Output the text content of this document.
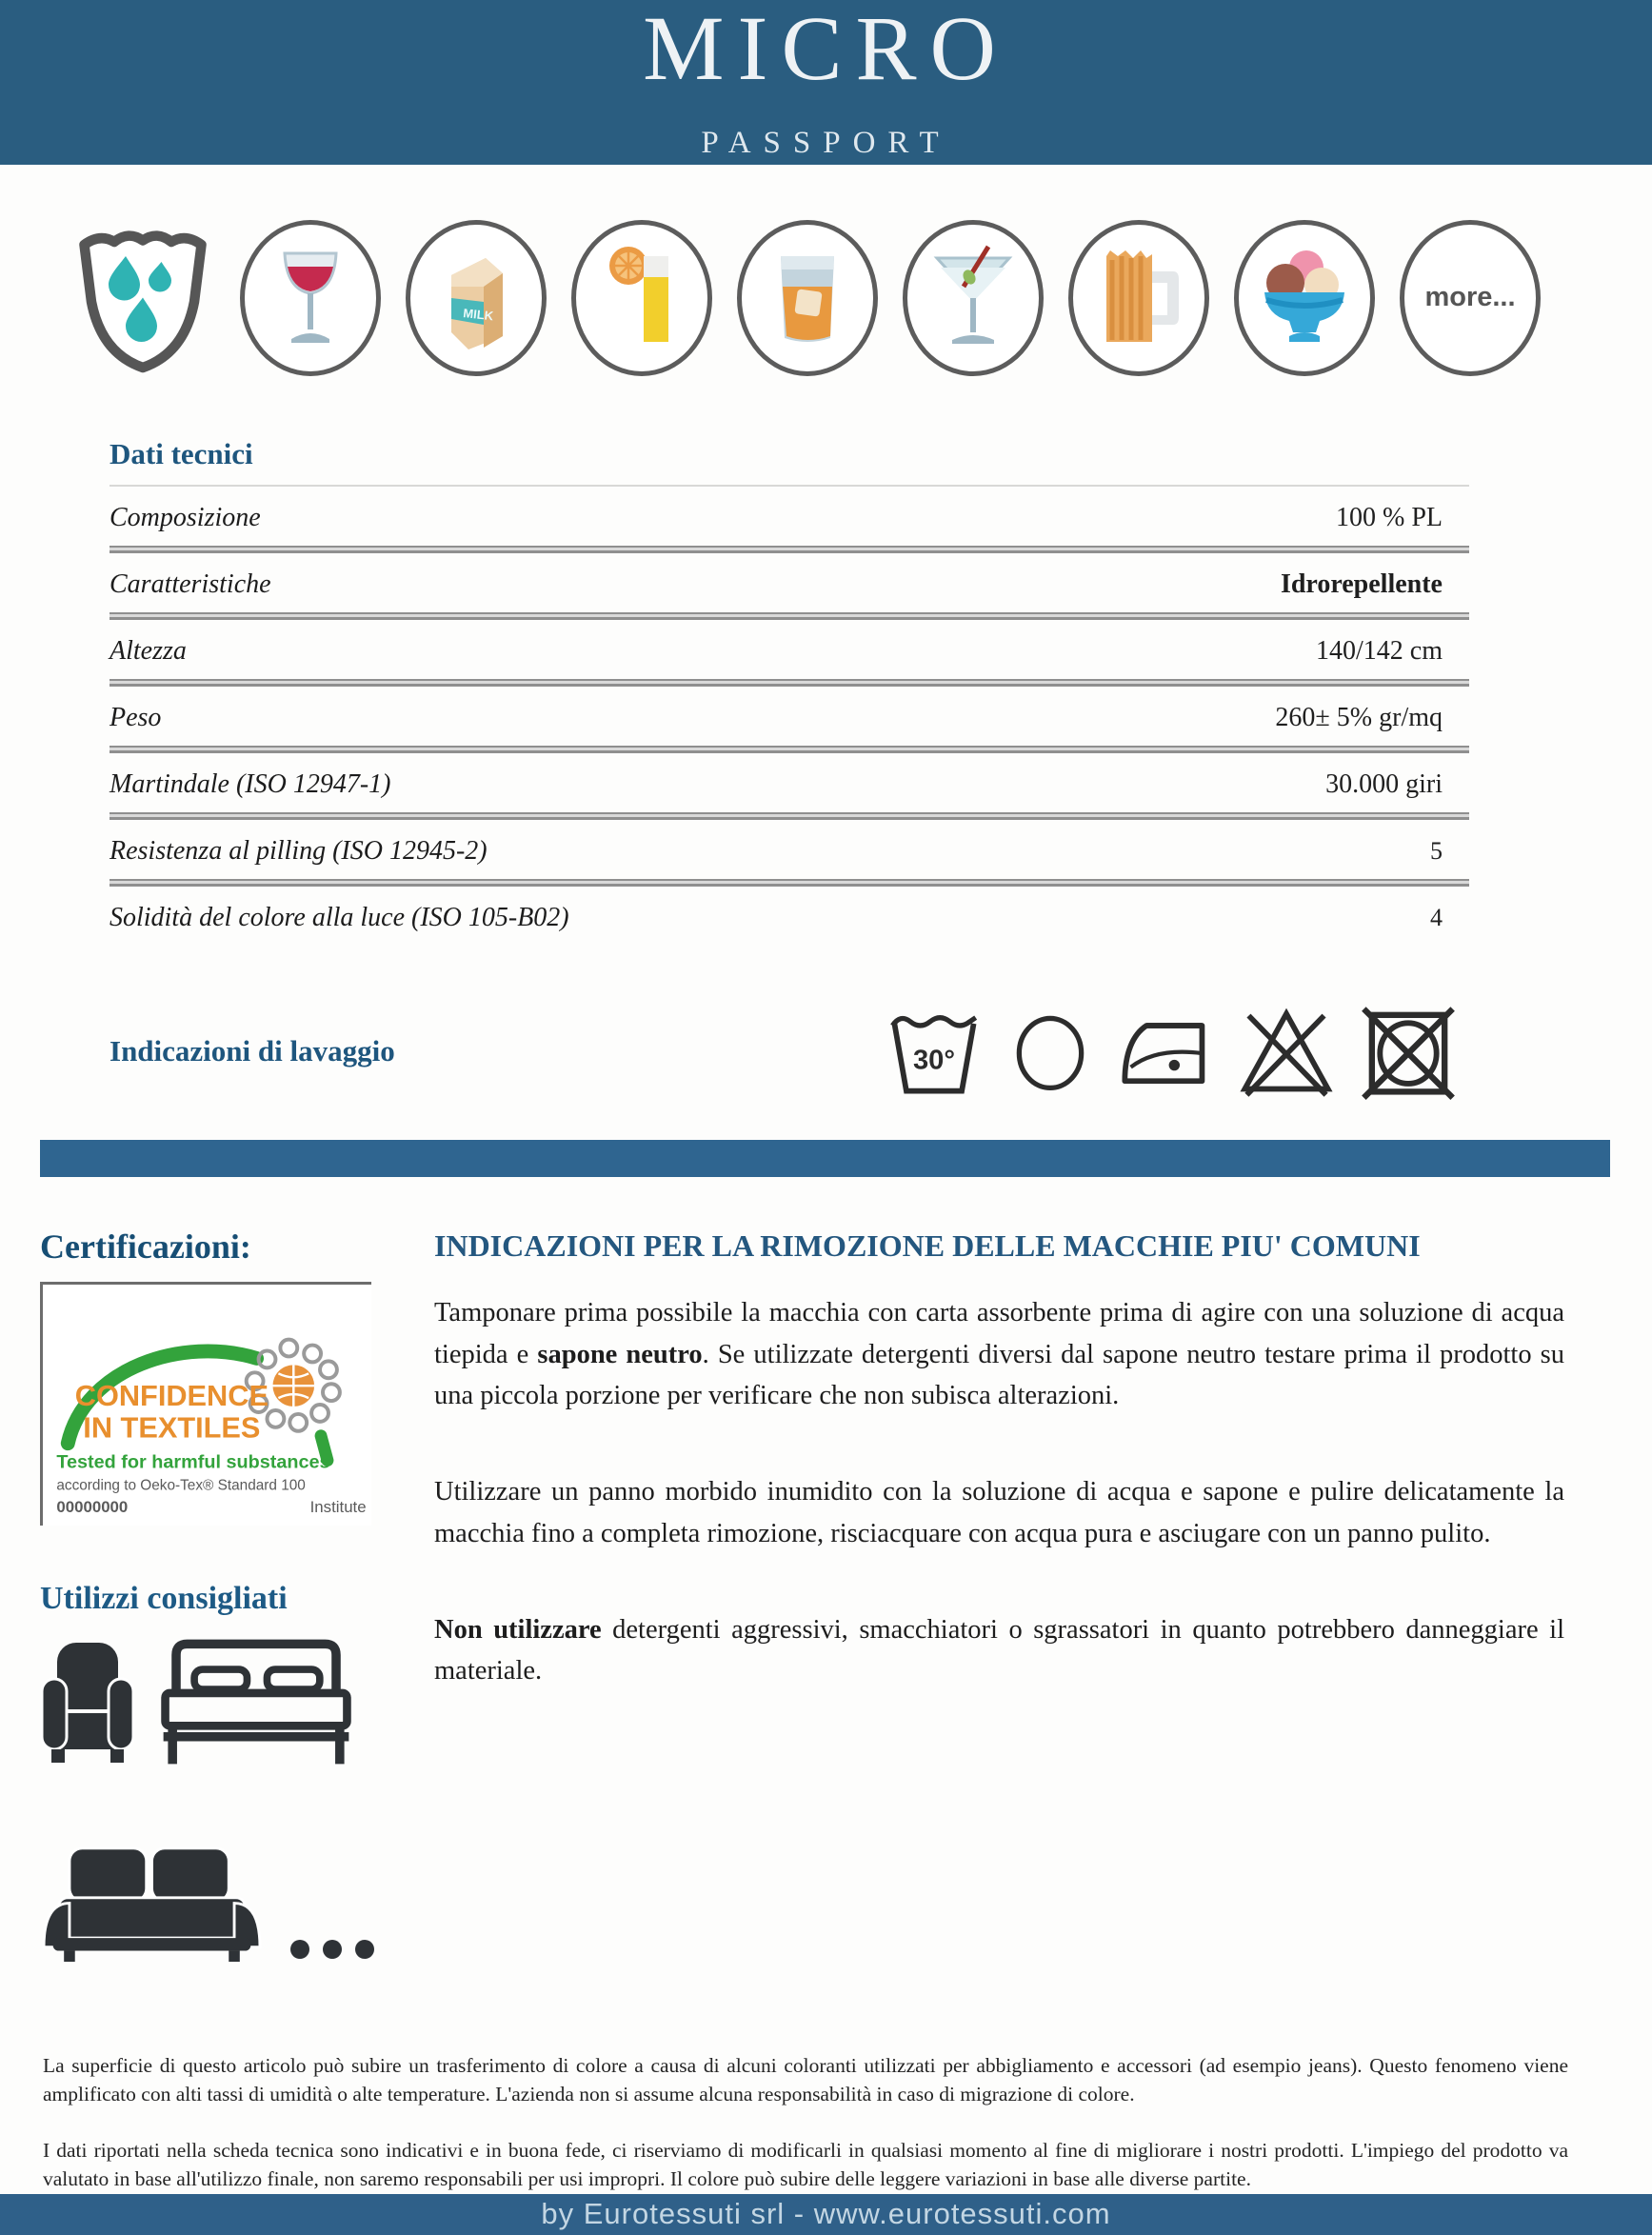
MICRO
PASSPORT
MILK
more...
Dati tecnici
Composizione	100 % PL
Caratteristiche	Idrorepellente
Altezza	140/142 cm
Peso	260± 5% gr/mq
Martindale (ISO 12947-1)	30.000 giri
Resistenza al pilling (ISO 12945-2)	5
Solidità del colore alla luce (ISO 105-B02)	4
Indicazioni di lavaggio	30°
Certificazioni:
CONFIDENCE
IN TEXTILES
Tested for harmful substances
according to Oeko-Tex® Standard 100
00000000	Institute
Utilizzi consigliati
INDICAZIONI PER LA RIMOZIONE DELLE MACCHIE PIU' COMUNI

Tamponare prima possibile la macchia con carta assorbente prima di agire con una soluzione di acqua tiepida e sapone neutro. Se utilizzate detergenti diversi dal sapone neutro testare prima il prodotto su una piccola porzione per verificare che non subisca alterazioni.

Utilizzare un panno morbido inumidito con la soluzione di acqua e sapone e pulire delicatamente la macchia fino a completa rimozione, risciacquare con acqua pura e asciugare con un panno pulito.

Non utilizzare detergenti aggressivi, smacchiatori o sgrassatori in quanto potrebbero danneggiare il materiale.

La superficie di questo articolo può subire un trasferimento di colore a causa di alcuni coloranti utilizzati per abbigliamento e accessori (ad esempio jeans). Questo fenomeno viene amplificato con alti tassi di umidità o alte temperature. L'azienda non si assume alcuna responsabilità in caso di migrazione di colore.

I dati riportati nella scheda tecnica sono indicativi e in buona fede, ci riserviamo di modificarli in qualsiasi momento al fine di migliorare i nostri prodotti. L'impiego del prodotto va valutato in base all'utilizzo finale, non saremo responsabili per usi impropri. Il colore può subire delle leggere variazioni in base alle diverse partite.

by Eurotessuti srl - www.eurotessuti.com
